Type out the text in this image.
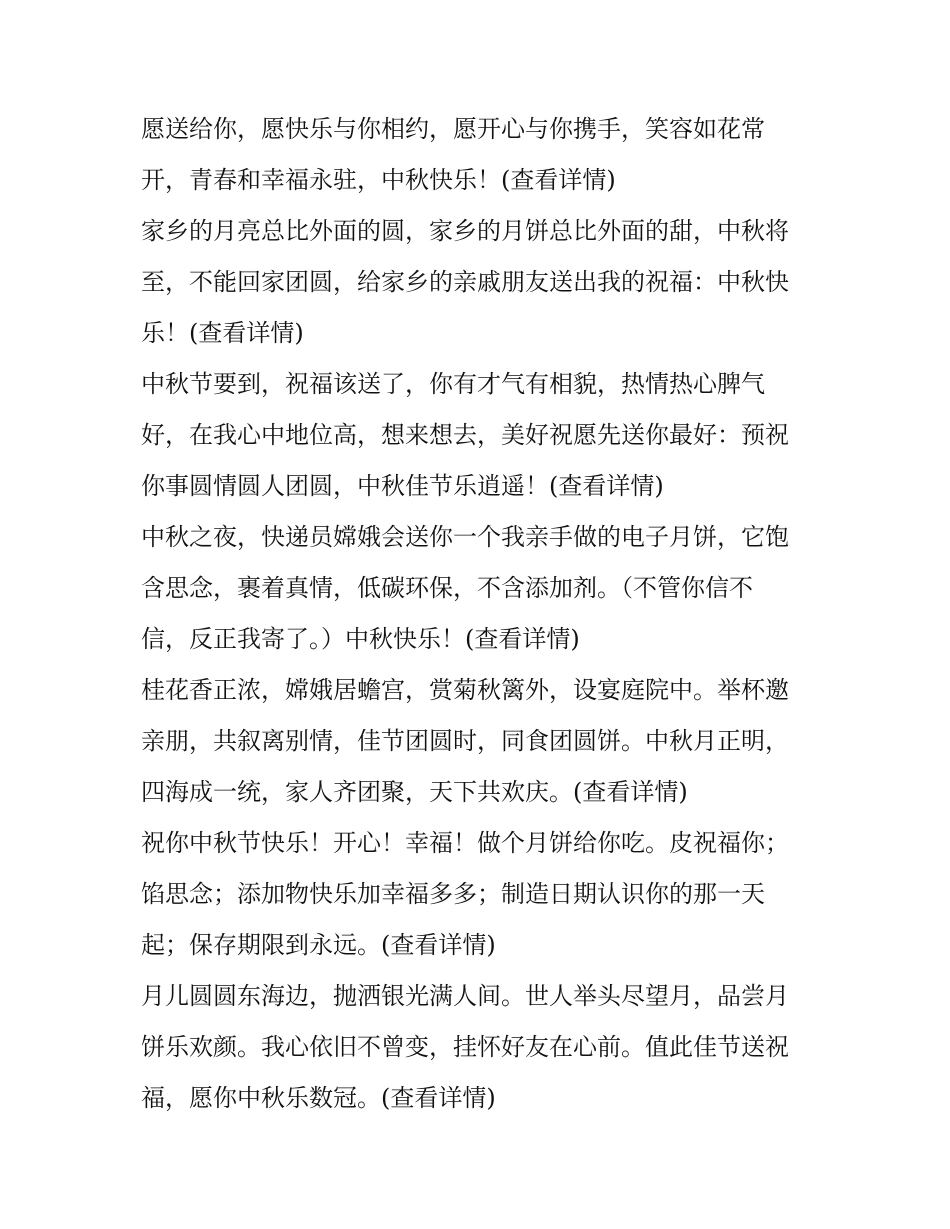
愿送给你，愿快乐与你相约，愿开心与你携手，笑容如花常
开，青春和幸福永驻，中秋快乐！(查看详情)

家乡的月亮总比外面的圆，家乡的月饼总比外面的甜，中秋将
至，不能回家团圆，给家乡的亲戚朋友送出我的祝福：中秋快
乐！(查看详情)

中秋节要到，祝福该送了，你有才气有相貌，热情热心脾气
好，在我心中地位高，想来想去，美好祝愿先送你最好：预祝
你事圆情圆人团圆，中秋佳节乐逍遥！(查看详情)

中秋之夜，快递员嫦娥会送你一个我亲手做的电子月饼，它饱
含思念，裹着真情，低碳环保，不含添加剂。（不管你信不
信，反正我寄了。）中秋快乐！(查看详情)

桂花香正浓，嫦娥居蟾宫，赏菊秋篱外，设宴庭院中。举杯邀
亲朋，共叙离别情，佳节团圆时，同食团圆饼。中秋月正明，
四海成一统，家人齐团聚，天下共欢庆。(查看详情)

祝你中秋节快乐！开心！幸福！做个月饼给你吃。皮祝福你；
馅思念；添加物快乐加幸福多多；制造日期认识你的那一天
起；保存期限到永远。(查看详情)

月儿圆圆东海边，抛洒银光满人间。世人举头尽望月，品尝月
饼乐欢颜。我心依旧不曾变，挂怀好友在心前。值此佳节送祝
福，愿你中秋乐数冠。(查看详情)
